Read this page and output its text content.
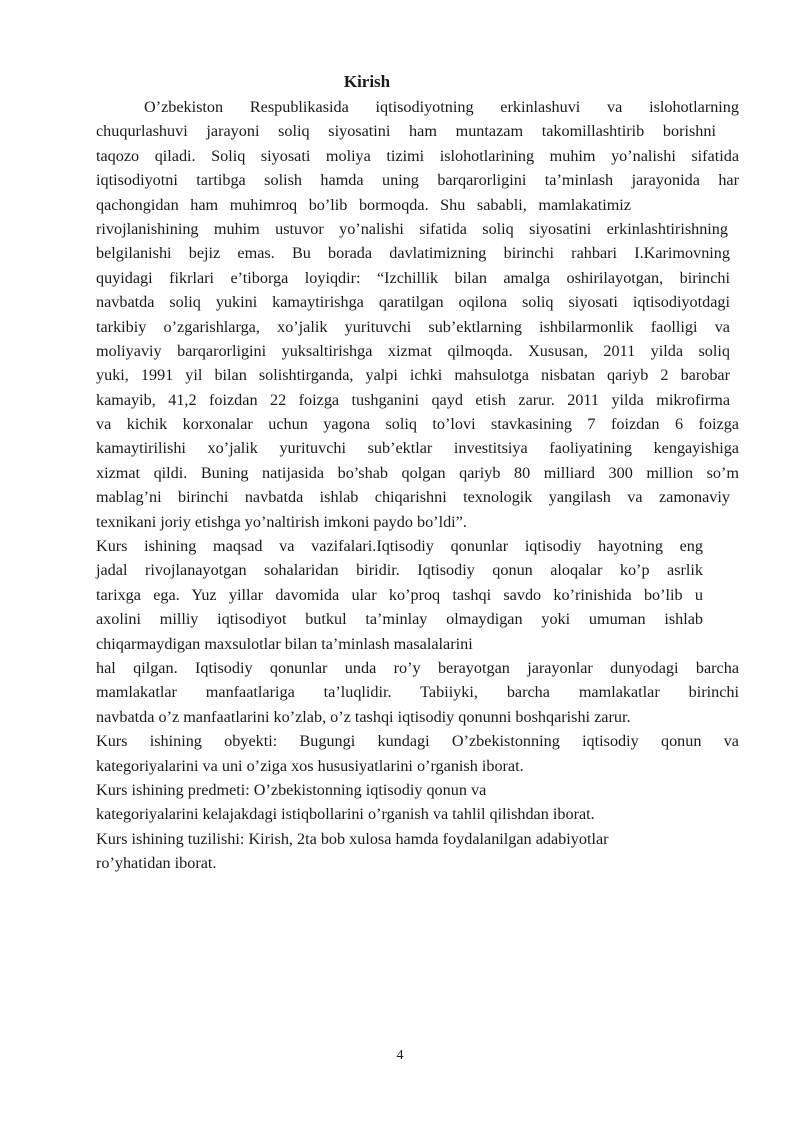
Kirish
O’zbekiston Respublikasida iqtisodiyotning erkinlashuvi va islohotlarning
chuqurlashuvi jarayoni soliq siyosatini ham muntazam takomillashtirib borishni
taqozo qiladi. Soliq siyosati moliya tizimi islohotlarining muhim yo’nalishi sifatida
iqtisodiyotni tartibga solish hamda uning barqarorligini ta’minlash jarayonida har
qachongidan ham muhimroq bo’lib bormoqda. Shu sababli, mamlakatimiz
rivojlanishining muhim ustuvor yo’nalishi sifatida soliq siyosatini erkinlashtirishning
belgilanishi bejiz emas. Bu borada davlatimizning birinchi rahbari I.Karimovning
quyidagi fikrlari e’tiborga loyiqdir: “Izchillik bilan amalga oshirilayotgan, birinchi
navbatda soliq yukini kamaytirishga qaratilgan oqilona soliq siyosati iqtisodiyotdagi
tarkibiy o’zgarishlarga, xo’jalik yurituvchi sub’ektlarning ishbilarmonlik faolligi va
moliyaviy barqarorligini yuksaltirishga xizmat qilmoqda. Xususan, 2011 yilda soliq
yuki, 1991 yil bilan solishtirganda, yalpi ichki mahsulotga nisbatan qariyb 2 barobar
kamayib, 41,2 foizdan 22 foizga tushganini qayd etish zarur. 2011 yilda mikrofirma
va kichik korxonalar uchun yagona soliq to’lovi stavkasining 7 foizdan 6 foizga
kamaytirilishi xo’jalik yurituvchi sub’ektlar investitsiya faoliyatining kengayishiga
xizmat qildi. Buning natijasida bo’shab qolgan qariyb 80 milliard 300 million so’m
mablag’ni birinchi navbatda ishlab chiqarishni texnologik yangilash va zamonaviy
texnikani joriy etishga yo’naltirish imkoni paydo bo’ldi”.
Kurs ishining maqsad va vazifalari.Iqtisodiy qonunlar iqtisodiy hayotning eng
jadal rivojlanayotgan sohalaridan biridir. Iqtisodiy qonun aloqalar ko’p asrlik
tarixga ega. Yuz yillar davomida ular ko’proq tashqi savdo ko’rinishida bo’lib u
axolini milliy iqtisodiyot butkul ta’minlay olmaydigan yoki umuman ishlab
chiqarmaydigan maxsulotlar bilan ta’minlash masalalarini
hal qilgan. Iqtisodiy qonunlar unda ro’y berayotgan jarayonlar dunyodagi barcha
mamlakatlar manfaatlariga ta’luqlidir. Tabiiyki, barcha mamlakatlar birinchi
navbatda o’z manfaatlarini ko’zlab, o’z tashqi iqtisodiy qonunni boshqarishi zarur.
Kurs ishining obyekti: Bugungi kundagi O’zbekistonning iqtisodiy qonun va
kategoriyalarini va uni o’ziga xos hususiyatlarini o’rganish iborat.
Kurs ishining predmeti: O’zbekistonning iqtisodiy qonun va
kategoriyalarini kelajakdagi istiqbollarini o’rganish va tahlil qilishdan iborat.
Kurs ishining tuzilishi: Kirish, 2ta bob xulosa hamda foydalanilgan adabiyotlar
ro’yhatidan iborat.
4
